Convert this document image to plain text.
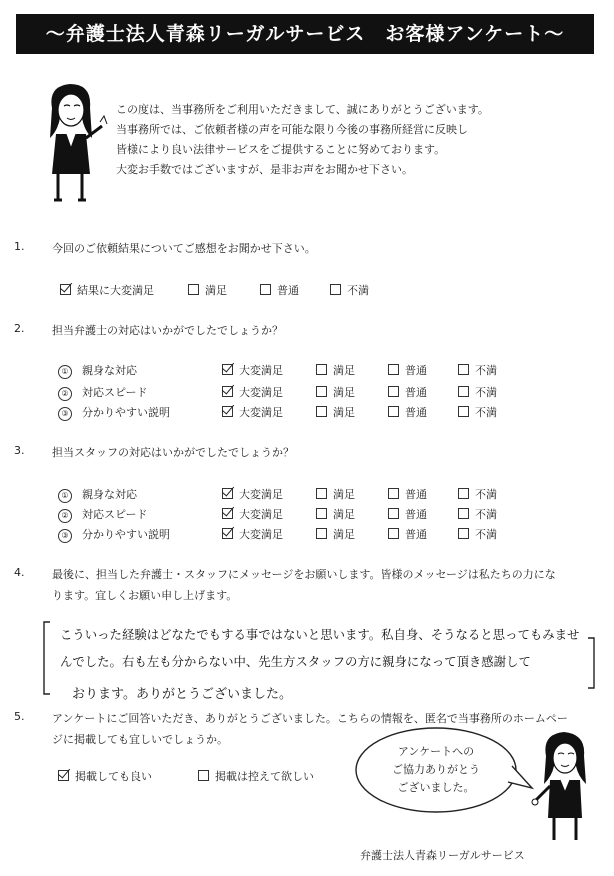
～弁護士法人青森リーガルサービス　お客様アンケート～
この度は、当事務所をご利用いただきまして、誠にありがとうございます。
当事務所では、ご依頼者様の声を可能な限り今後の事務所経営に反映し
皆様により良い法律サービスをご提供することに努めております。
大変お手数ではございますが、是非お声をお聞かせ下さい。
1.	今回のご依頼結果についてご感想をお聞かせ下さい。
結果に大変満足	満足	普通	不満
2.	担当弁護士の対応はいかがでしたでしょうか？
① 親身な対応	大変満足	満足	普通	不満
② 対応スピード	大変満足	満足	普通	不満
③ 分かりやすい説明	大変満足	満足	普通	不満
3.	担当スタッフの対応はいかがでしたでしょうか？
① 親身な対応	大変満足	満足	普通	不満
② 対応スピード	大変満足	満足	普通	不満
③ 分かりやすい説明	大変満足	満足	普通	不満
4.	最後に、担当した弁護士・スタッフにメッセージをお願いします。皆様のメッセージは私たちの力にな
ります。宜しくお願い申し上げます。
こういった経験はどなたでもする事ではないと思います。私自身、そうなると思ってもみませ
んでした。右も左も分からない中、先生方スタッフの方に親身になって頂き感謝して
おります。ありがとうございました。
5.	アンケートにご回答いただき、ありがとうございました。こちらの情報を、匿名で当事務所のホームペー
ジに掲載しても宜しいでしょうか。
掲載しても良い	掲載は控えて欲しい
アンケートへの
ご協力ありがとう
ございました。
弁護士法人青森リーガルサービス
